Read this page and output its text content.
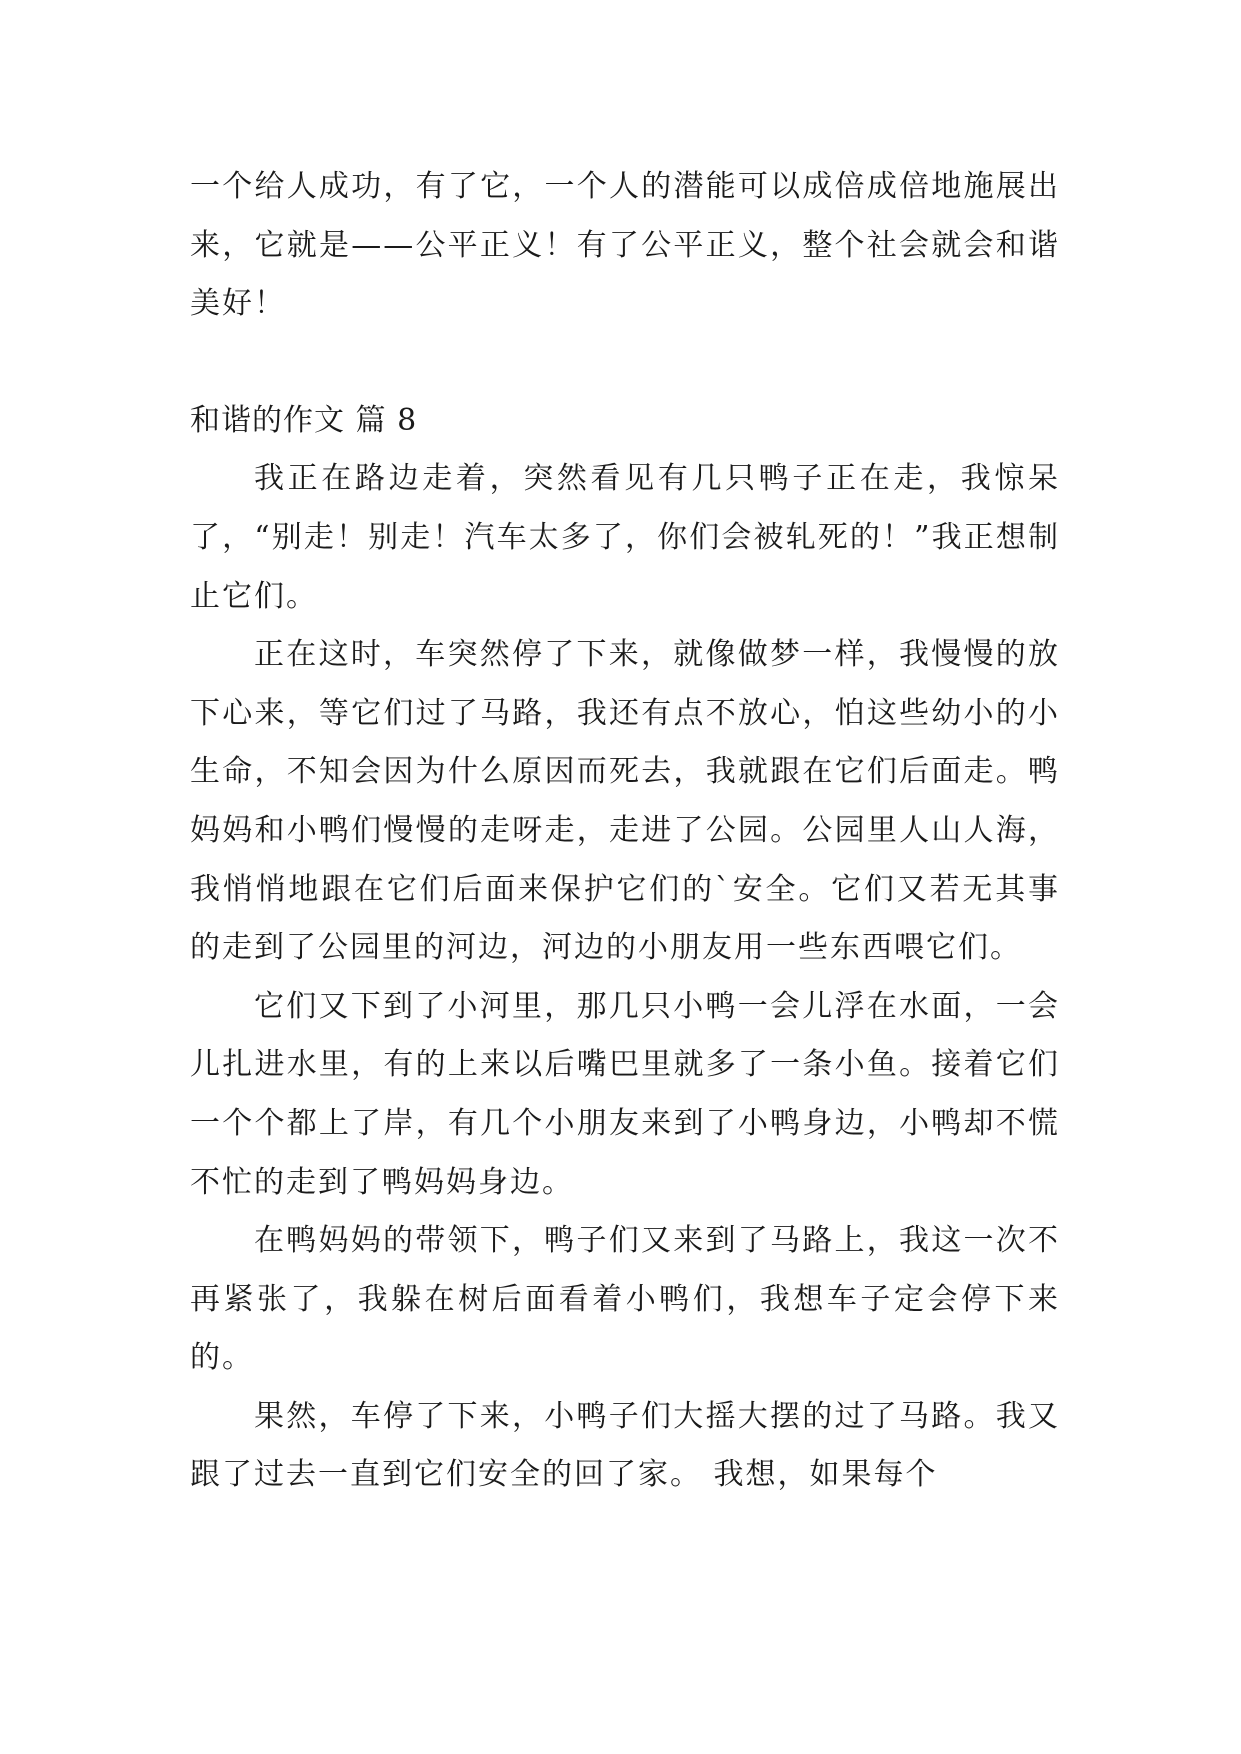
一个给人成功，有了它，一个人的潜能可以成倍成倍地施展出来，它就是——公平正义！有了公平正义，整个社会就会和谐美好！

和谐的作文 篇 8

我正在路边走着，突然看见有几只鸭子正在走，我惊呆了，“别走！别走！汽车太多了，你们会被轧死的！”我正想制止它们。

正在这时，车突然停了下来，就像做梦一样，我慢慢的放下心来，等它们过了马路，我还有点不放心，怕这些幼小的小生命，不知会因为什么原因而死去，我就跟在它们后面走。鸭妈妈和小鸭们慢慢的走呀走，走进了公园。公园里人山人海，我悄悄地跟在它们后面来保护它们的`安全。它们又若无其事的走到了公园里的河边，河边的小朋友用一些东西喂它们。

它们又下到了小河里，那几只小鸭一会儿浮在水面，一会儿扎进水里，有的上来以后嘴巴里就多了一条小鱼。接着它们一个个都上了岸，有几个小朋友来到了小鸭身边，小鸭却不慌不忙的走到了鸭妈妈身边。

在鸭妈妈的带领下，鸭子们又来到了马路上，我这一次不再紧张了，我躲在树后面看着小鸭们，我想车子定会停下来的。

果然，车停了下来，小鸭子们大摇大摆的过了马路。我又跟了过去一直到它们安全的回了家。 我想，如果每个
